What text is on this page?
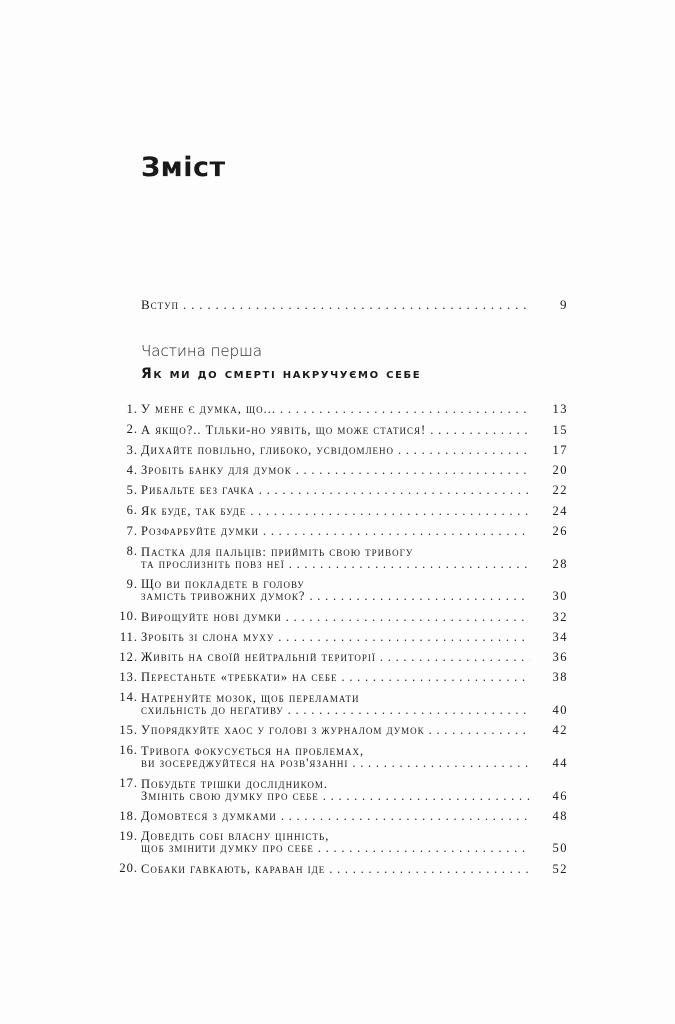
Зміст
Вступ . . .	9
Частина перша
Як ми до смерті накручуємо себе
1. У мене є думка, що... . . .	13
2. А якщо?.. Тільки-но уявіть, що може статися! . . .	15
3. Дихайте повільно, глибоко, усвідомлено . . .	17
4. Зробіть банку для думок . . .	20
5. Рибальте без гачка . . .	22
6. Як буде, так буде . . .	24
7. Розфарбуйте думки . . .	26
8. Пастка для пальців: прийміть свою тривогу
та прослизніть повз неї . . .	28
9. Що ви покладете в голову
замість тривожних думок? . . .	30
10. Вирощуйте нові думки . . .	32
11. Зробіть зі слона муху . . .	34
12. Живіть на своїй нейтральній території . . .	36
13. Перестаньте «требкати» на себе . . .	38
14. Натренуйте мозок, щоб переламати
схильність до негативу . . .	40
15. Упорядкуйте хаос у голові з журналом думок . . .	42
16. Тривога фокусується на проблемах,
ви зосереджуйтеся на розв'язанні . . .	44
17. Побудьте трішки дослідником.
Змініть свою думку про себе . . .	46
18. Домовтеся з думками . . .	48
19. Доведіть собі власну цінність,
щоб змінити думку про себе . . .	50
20. Собаки гавкають, караван іде . . .	52
